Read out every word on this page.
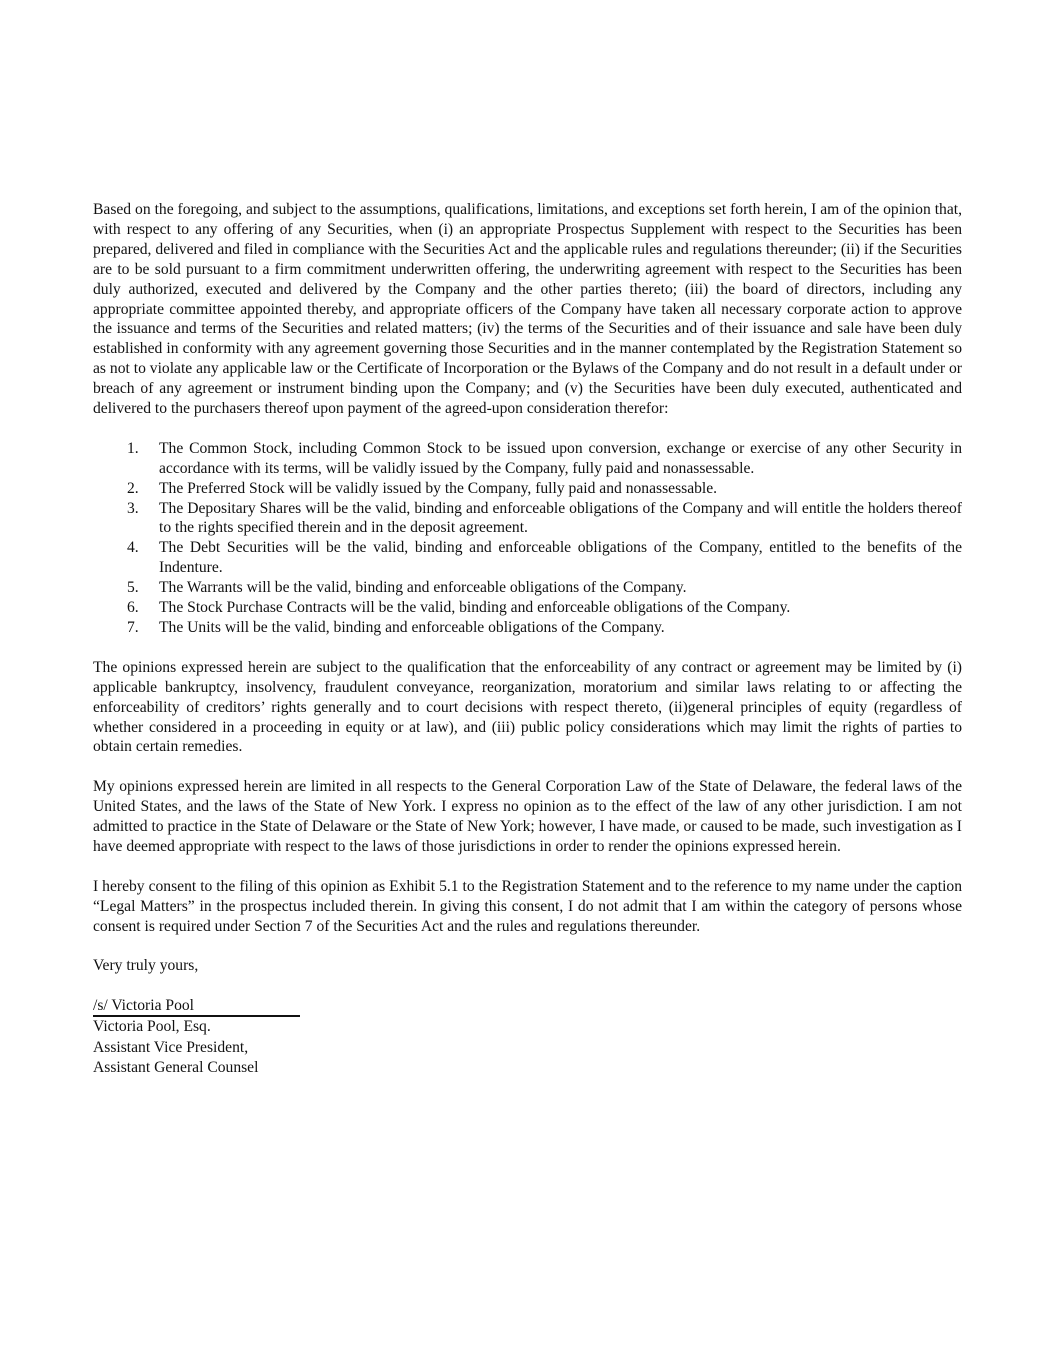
Based on the foregoing, and subject to the assumptions, qualifications, limitations, and exceptions set forth herein, I am of the opinion that, with respect to any offering of any Securities, when (i) an appropriate Prospectus Supplement with respect to the Securities has been prepared, delivered and filed in compliance with the Securities Act and the applicable rules and regulations thereunder; (ii) if the Securities are to be sold pursuant to a firm commitment underwritten offering, the underwriting agreement with respect to the Securities has been duly authorized, executed and delivered by the Company and the other parties thereto; (iii) the board of directors, including any appropriate committee appointed thereby, and appropriate officers of the Company have taken all necessary corporate action to approve the issuance and terms of the Securities and related matters; (iv) the terms of the Securities and of their issuance and sale have been duly established in conformity with any agreement governing those Securities and in the manner contemplated by the Registration Statement so as not to violate any applicable law or the Certificate of Incorporation or the Bylaws of the Company and do not result in a default under or breach of any agreement or instrument binding upon the Company; and (v) the Securities have been duly executed, authenticated and delivered to the purchasers thereof upon payment of the agreed-upon consideration therefor:

1. The Common Stock, including Common Stock to be issued upon conversion, exchange or exercise of any other Security in accordance with its terms, will be validly issued by the Company, fully paid and nonassessable.
2. The Preferred Stock will be validly issued by the Company, fully paid and nonassessable.
3. The Depositary Shares will be the valid, binding and enforceable obligations of the Company and will entitle the holders thereof to the rights specified therein and in the deposit agreement.
4. The Debt Securities will be the valid, binding and enforceable obligations of the Company, entitled to the benefits of the Indenture.
5. The Warrants will be the valid, binding and enforceable obligations of the Company.
6. The Stock Purchase Contracts will be the valid, binding and enforceable obligations of the Company.
7. The Units will be the valid, binding and enforceable obligations of the Company.

The opinions expressed herein are subject to the qualification that the enforceability of any contract or agreement may be limited by (i) applicable bankruptcy, insolvency, fraudulent conveyance, reorganization, moratorium and similar laws relating to or affecting the enforceability of creditors’ rights generally and to court decisions with respect thereto, (ii)general principles of equity (regardless of whether considered in a proceeding in equity or at law), and (iii) public policy considerations which may limit the rights of parties to obtain certain remedies.

My opinions expressed herein are limited in all respects to the General Corporation Law of the State of Delaware, the federal laws of the United States, and the laws of the State of New York. I express no opinion as to the effect of the law of any other jurisdiction. I am not admitted to practice in the State of Delaware or the State of New York; however, I have made, or caused to be made, such investigation as I have deemed appropriate with respect to the laws of those jurisdictions in order to render the opinions expressed herein.

I hereby consent to the filing of this opinion as Exhibit 5.1 to the Registration Statement and to the reference to my name under the caption “Legal Matters” in the prospectus included therein. In giving this consent, I do not admit that I am within the category of persons whose consent is required under Section 7 of the Securities Act and the rules and regulations thereunder.

Very truly yours,

/s/ Victoria Pool
Victoria Pool, Esq.
Assistant Vice President,
Assistant General Counsel
